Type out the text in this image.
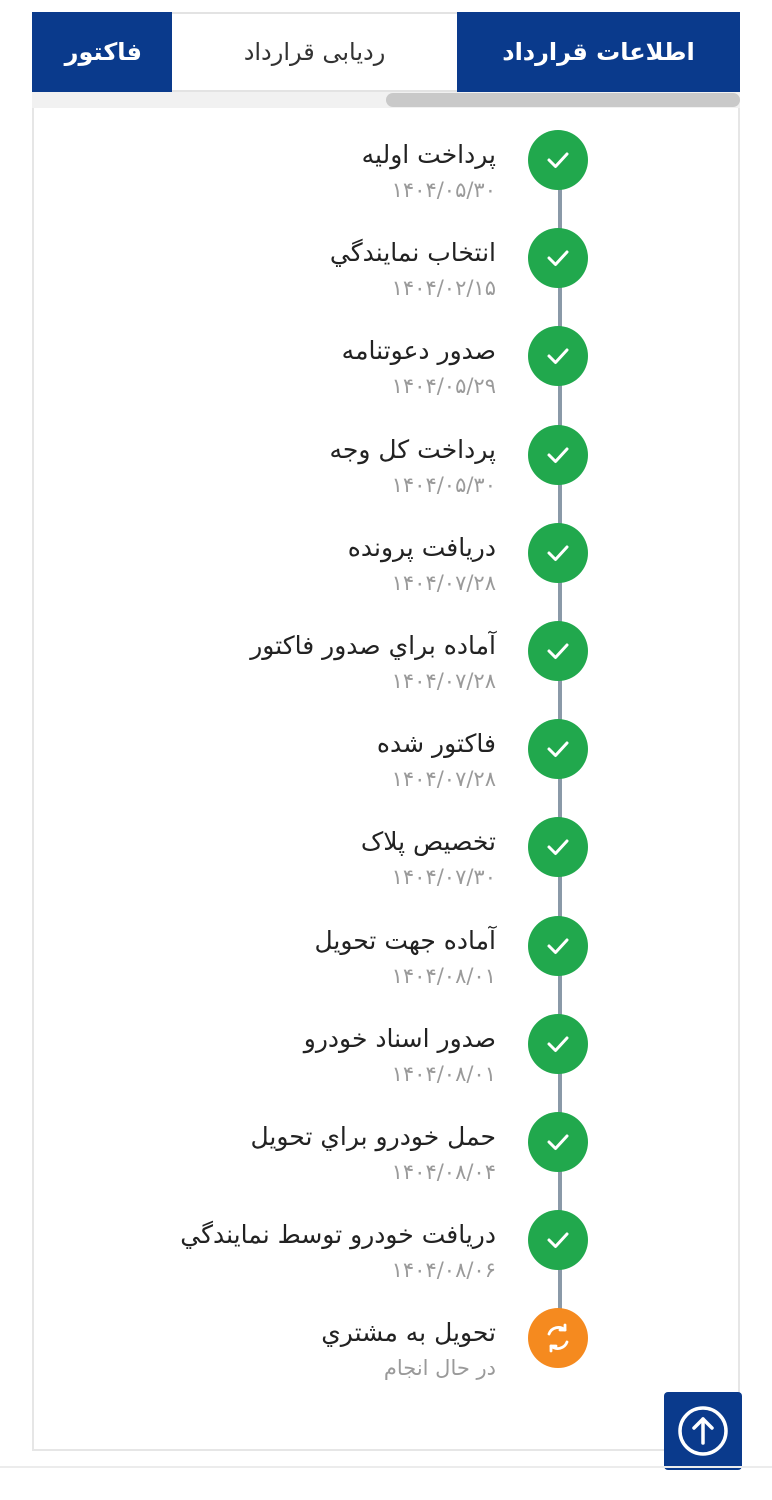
اطلاعات قرارداد
ردیابی قرارداد
فاکتور
پرداخت اوليه
۱۴۰۴/۰۵/۳۰
انتخاب نمايندگي
۱۴۰۴/۰۲/۱۵
صدور دعوتنامه
۱۴۰۴/۰۵/۲۹
پرداخت کل وجه
۱۴۰۴/۰۵/۳۰
دريافت پرونده
۱۴۰۴/۰۷/۲۸
آماده براي صدور فاکتور
۱۴۰۴/۰۷/۲۸
فاکتور شده
۱۴۰۴/۰۷/۲۸
تخصيص پلاک
۱۴۰۴/۰۷/۳۰
آماده جهت تحويل
۱۴۰۴/۰۸/۰۱
صدور اسناد خودرو
۱۴۰۴/۰۸/۰۱
حمل خودرو براي تحويل
۱۴۰۴/۰۸/۰۴
دريافت خودرو توسط نمايندگي
۱۴۰۴/۰۸/۰۶
تحويل به مشتري
در حال انجام
